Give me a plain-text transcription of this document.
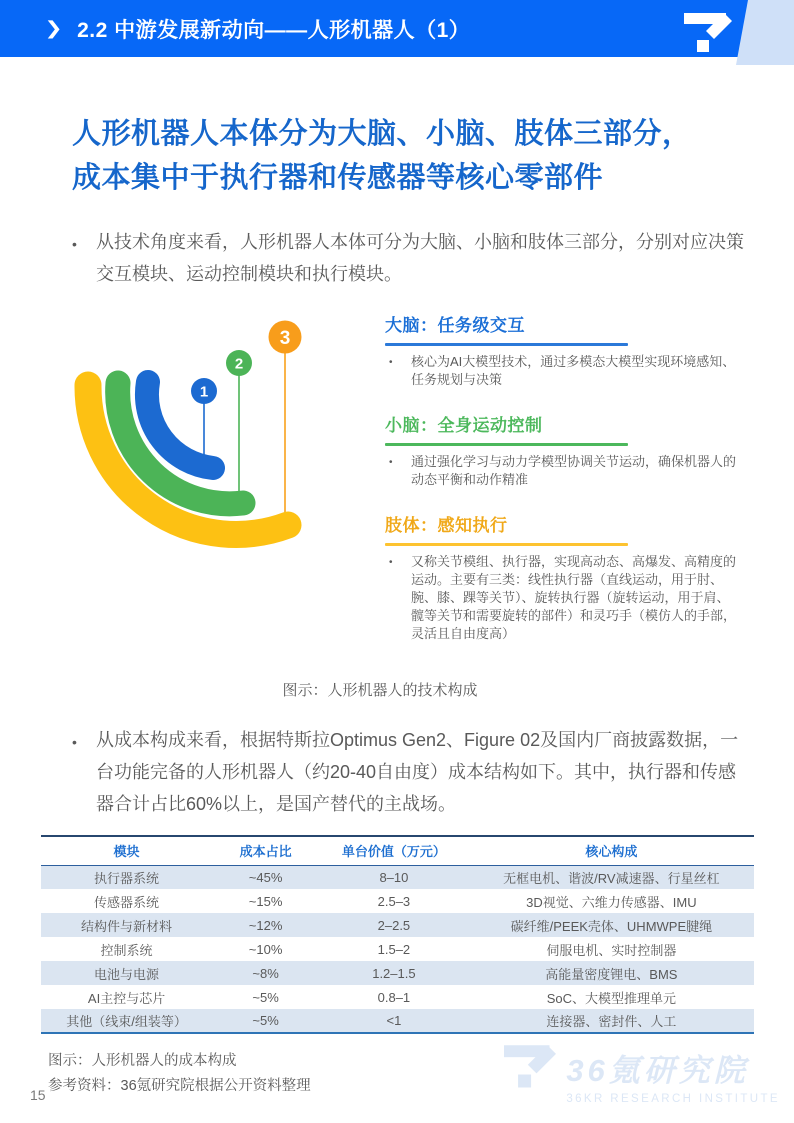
❯ 2.2 中游发展新动向——人形机器人（1）
人形机器人本体分为大脑、小脑、肢体三部分，
成本集中于执行器和传感器等核心零部件
•	从技术角度来看，人形机器人本体可分为大脑、小脑和肢体三部分，分别对应决策交互模块、运动控制模块和执行模块。
1
2
3
大脑：任务级交互
•	核心为AI大模型技术，通过多模态大模型实现环境感知、任务规划与决策
小脑：全身运动控制
•	通过强化学习与动力学模型协调关节运动，确保机器人的动态平衡和动作精准
肢体：感知执行
•	又称关节模组、执行器，实现高动态、高爆发、高精度的运动。主要有三类：线性执行器（直线运动，用于肘、腕、膝、踝等关节）、旋转执行器（旋转运动，用于肩、髋等关节和需要旋转的部件）和灵巧手（模仿人的手部，灵活且自由度高）
图示：人形机器人的技术构成
•	从成本构成来看，根据特斯拉Optimus Gen2、Figure 02及国内厂商披露数据，一台功能完备的人形机器人（约20-40自由度）成本结构如下。其中，执行器和传感器合计占比60%以上，是国产替代的主战场。
模块	成本占比	单台价值（万元）	核心构成
执行器系统	~45%	8–10	无框电机、谐波/RV减速器、行星丝杠
传感器系统	~15%	2.5–3	3D视觉、六维力传感器、IMU
结构件与新材料	~12%	2–2.5	碳纤维/PEEK壳体、UHMWPE腱绳
控制系统	~10%	1.5–2	伺服电机、实时控制器
电池与电源	~8%	1.2–1.5	高能量密度锂电、BMS
AI主控与芯片	~5%	0.8–1	SoC、大模型推理单元
其他（线束/组装等）	~5%	<1	连接器、密封件、人工
图示：人形机器人的成本构成
参考资料：36氪研究院根据公开资料整理
15
36氪研究院
36KR RESEARCH INSTITUTE
